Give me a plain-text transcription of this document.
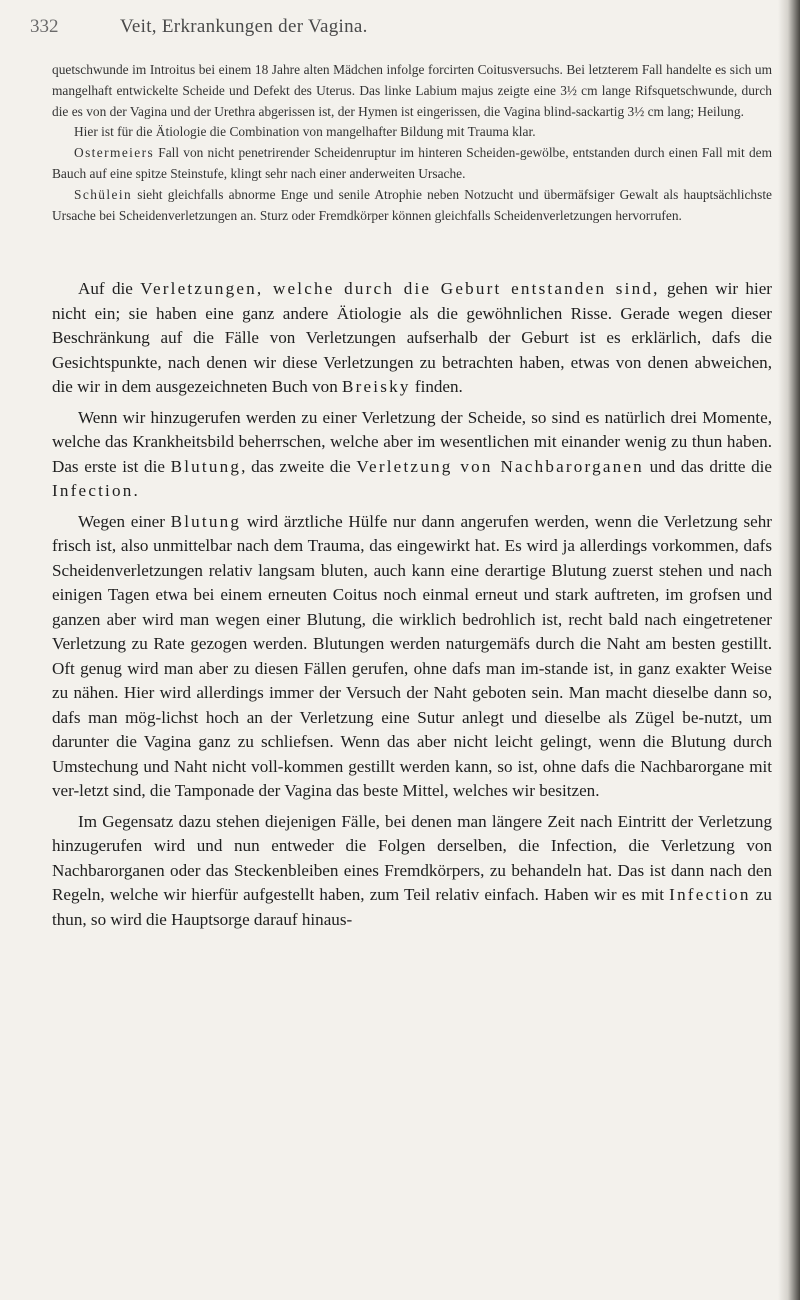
332	Veit, Erkrankungen der Vagina.

quetschwunde im Introitus bei einem 18 Jahre alten Mädchen infolge forcirten Coitusversuchs. Bei letzterem Fall handelte es sich um mangelhaft entwickelte Scheide und Defekt des Uterus. Das linke Labium majus zeigte eine 3½ cm lange Rifsquetschwunde, durch die es von der Vagina und der Urethra abgerissen ist, der Hymen ist eingerissen, die Vagina blind-sackartig 3½ cm lang; Heilung.

Hier ist für die Ätiologie die Combination von mangelhafter Bildung mit Trauma klar.

Ostermeiers Fall von nicht penetrirender Scheidenruptur im hinteren Scheiden-gewölbe, entstanden durch einen Fall mit dem Bauch auf eine spitze Steinstufe, klingt sehr nach einer anderweiten Ursache.

Schülein sieht gleichfalls abnorme Enge und senile Atrophie neben Notzucht und übermäfsiger Gewalt als hauptsächlichste Ursache bei Scheidenverletzungen an. Sturz oder Fremdkörper können gleichfalls Scheidenverletzungen hervorrufen.

Auf die Verletzungen, welche durch die Geburt entstanden sind, gehen wir hier nicht ein; sie haben eine ganz andere Ätiologie als die gewöhnlichen Risse. Gerade wegen dieser Beschränkung auf die Fälle von Verletzungen aufserhalb der Geburt ist es erklärlich, dafs die Gesichtspunkte, nach denen wir diese Verletzungen zu betrachten haben, etwas von denen abweichen, die wir in dem ausgezeichneten Buch von Breisky finden.

Wenn wir hinzugerufen werden zu einer Verletzung der Scheide, so sind es natürlich drei Momente, welche das Krankheitsbild beherrschen, welche aber im wesentlichen mit einander wenig zu thun haben. Das erste ist die Blutung, das zweite die Verletzung von Nachbarorganen und das dritte die Infection.

Wegen einer Blutung wird ärztliche Hülfe nur dann angerufen werden, wenn die Verletzung sehr frisch ist, also unmittelbar nach dem Trauma, das eingewirkt hat. Es wird ja allerdings vorkommen, dafs Scheidenverletzungen relativ langsam bluten, auch kann eine derartige Blutung zuerst stehen und nach einigen Tagen etwa bei einem erneuten Coitus noch einmal erneut und stark auftreten, im grofsen und ganzen aber wird man wegen einer Blutung, die wirklich bedrohlich ist, recht bald nach eingetretener Verletzung zu Rate gezogen werden. Blutungen werden naturgemäfs durch die Naht am besten gestillt. Oft genug wird man aber zu diesen Fällen gerufen, ohne dafs man im-stande ist, in ganz exakter Weise zu nähen. Hier wird allerdings immer der Versuch der Naht geboten sein. Man macht dieselbe dann so, dafs man mög-lichst hoch an der Verletzung eine Sutur anlegt und dieselbe als Zügel be-nutzt, um darunter die Vagina ganz zu schliefsen. Wenn das aber nicht leicht gelingt, wenn die Blutung durch Umstechung und Naht nicht voll-kommen gestillt werden kann, so ist, ohne dafs die Nachbarorgane mit ver-letzt sind, die Tamponade der Vagina das beste Mittel, welches wir besitzen.

Im Gegensatz dazu stehen diejenigen Fälle, bei denen man längere Zeit nach Eintritt der Verletzung hinzugerufen wird und nun entweder die Folgen derselben, die Infection, die Verletzung von Nachbarorganen oder das Steckenbleiben eines Fremdkörpers, zu behandeln hat. Das ist dann nach den Regeln, welche wir hierfür aufgestellt haben, zum Teil relativ einfach. Haben wir es mit Infection zu thun, so wird die Hauptsorge darauf hinaus-
